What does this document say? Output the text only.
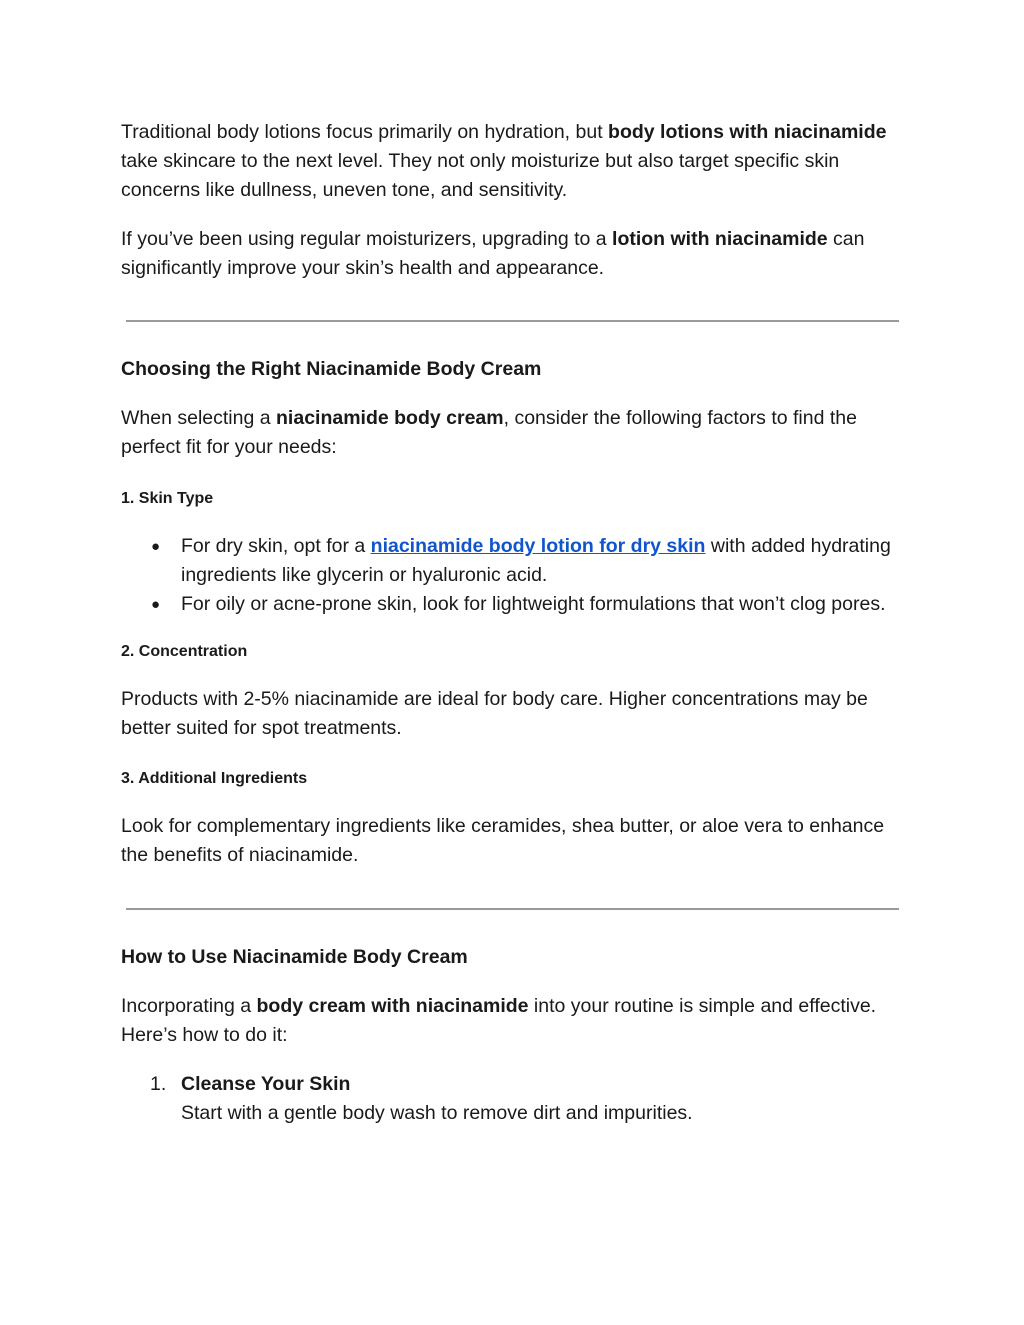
Traditional body lotions focus primarily on hydration, but body lotions with niacinamide take skincare to the next level. They not only moisturize but also target specific skin concerns like dullness, uneven tone, and sensitivity.

If you’ve been using regular moisturizers, upgrading to a lotion with niacinamide can significantly improve your skin’s health and appearance.

Choosing the Right Niacinamide Body Cream

When selecting a niacinamide body cream, consider the following factors to find the perfect fit for your needs:

1. Skin Type
● For dry skin, opt for a niacinamide body lotion for dry skin with added hydrating ingredients like glycerin or hyaluronic acid.
● For oily or acne-prone skin, look for lightweight formulations that won’t clog pores.
2. Concentration

Products with 2-5% niacinamide are ideal for body care. Higher concentrations may be better suited for spot treatments.

3. Additional Ingredients

Look for complementary ingredients like ceramides, shea butter, or aloe vera to enhance the benefits of niacinamide.

How to Use Niacinamide Body Cream

Incorporating a body cream with niacinamide into your routine is simple and effective. Here’s how to do it:

1. Cleanse Your Skin
Start with a gentle body wash to remove dirt and impurities.
